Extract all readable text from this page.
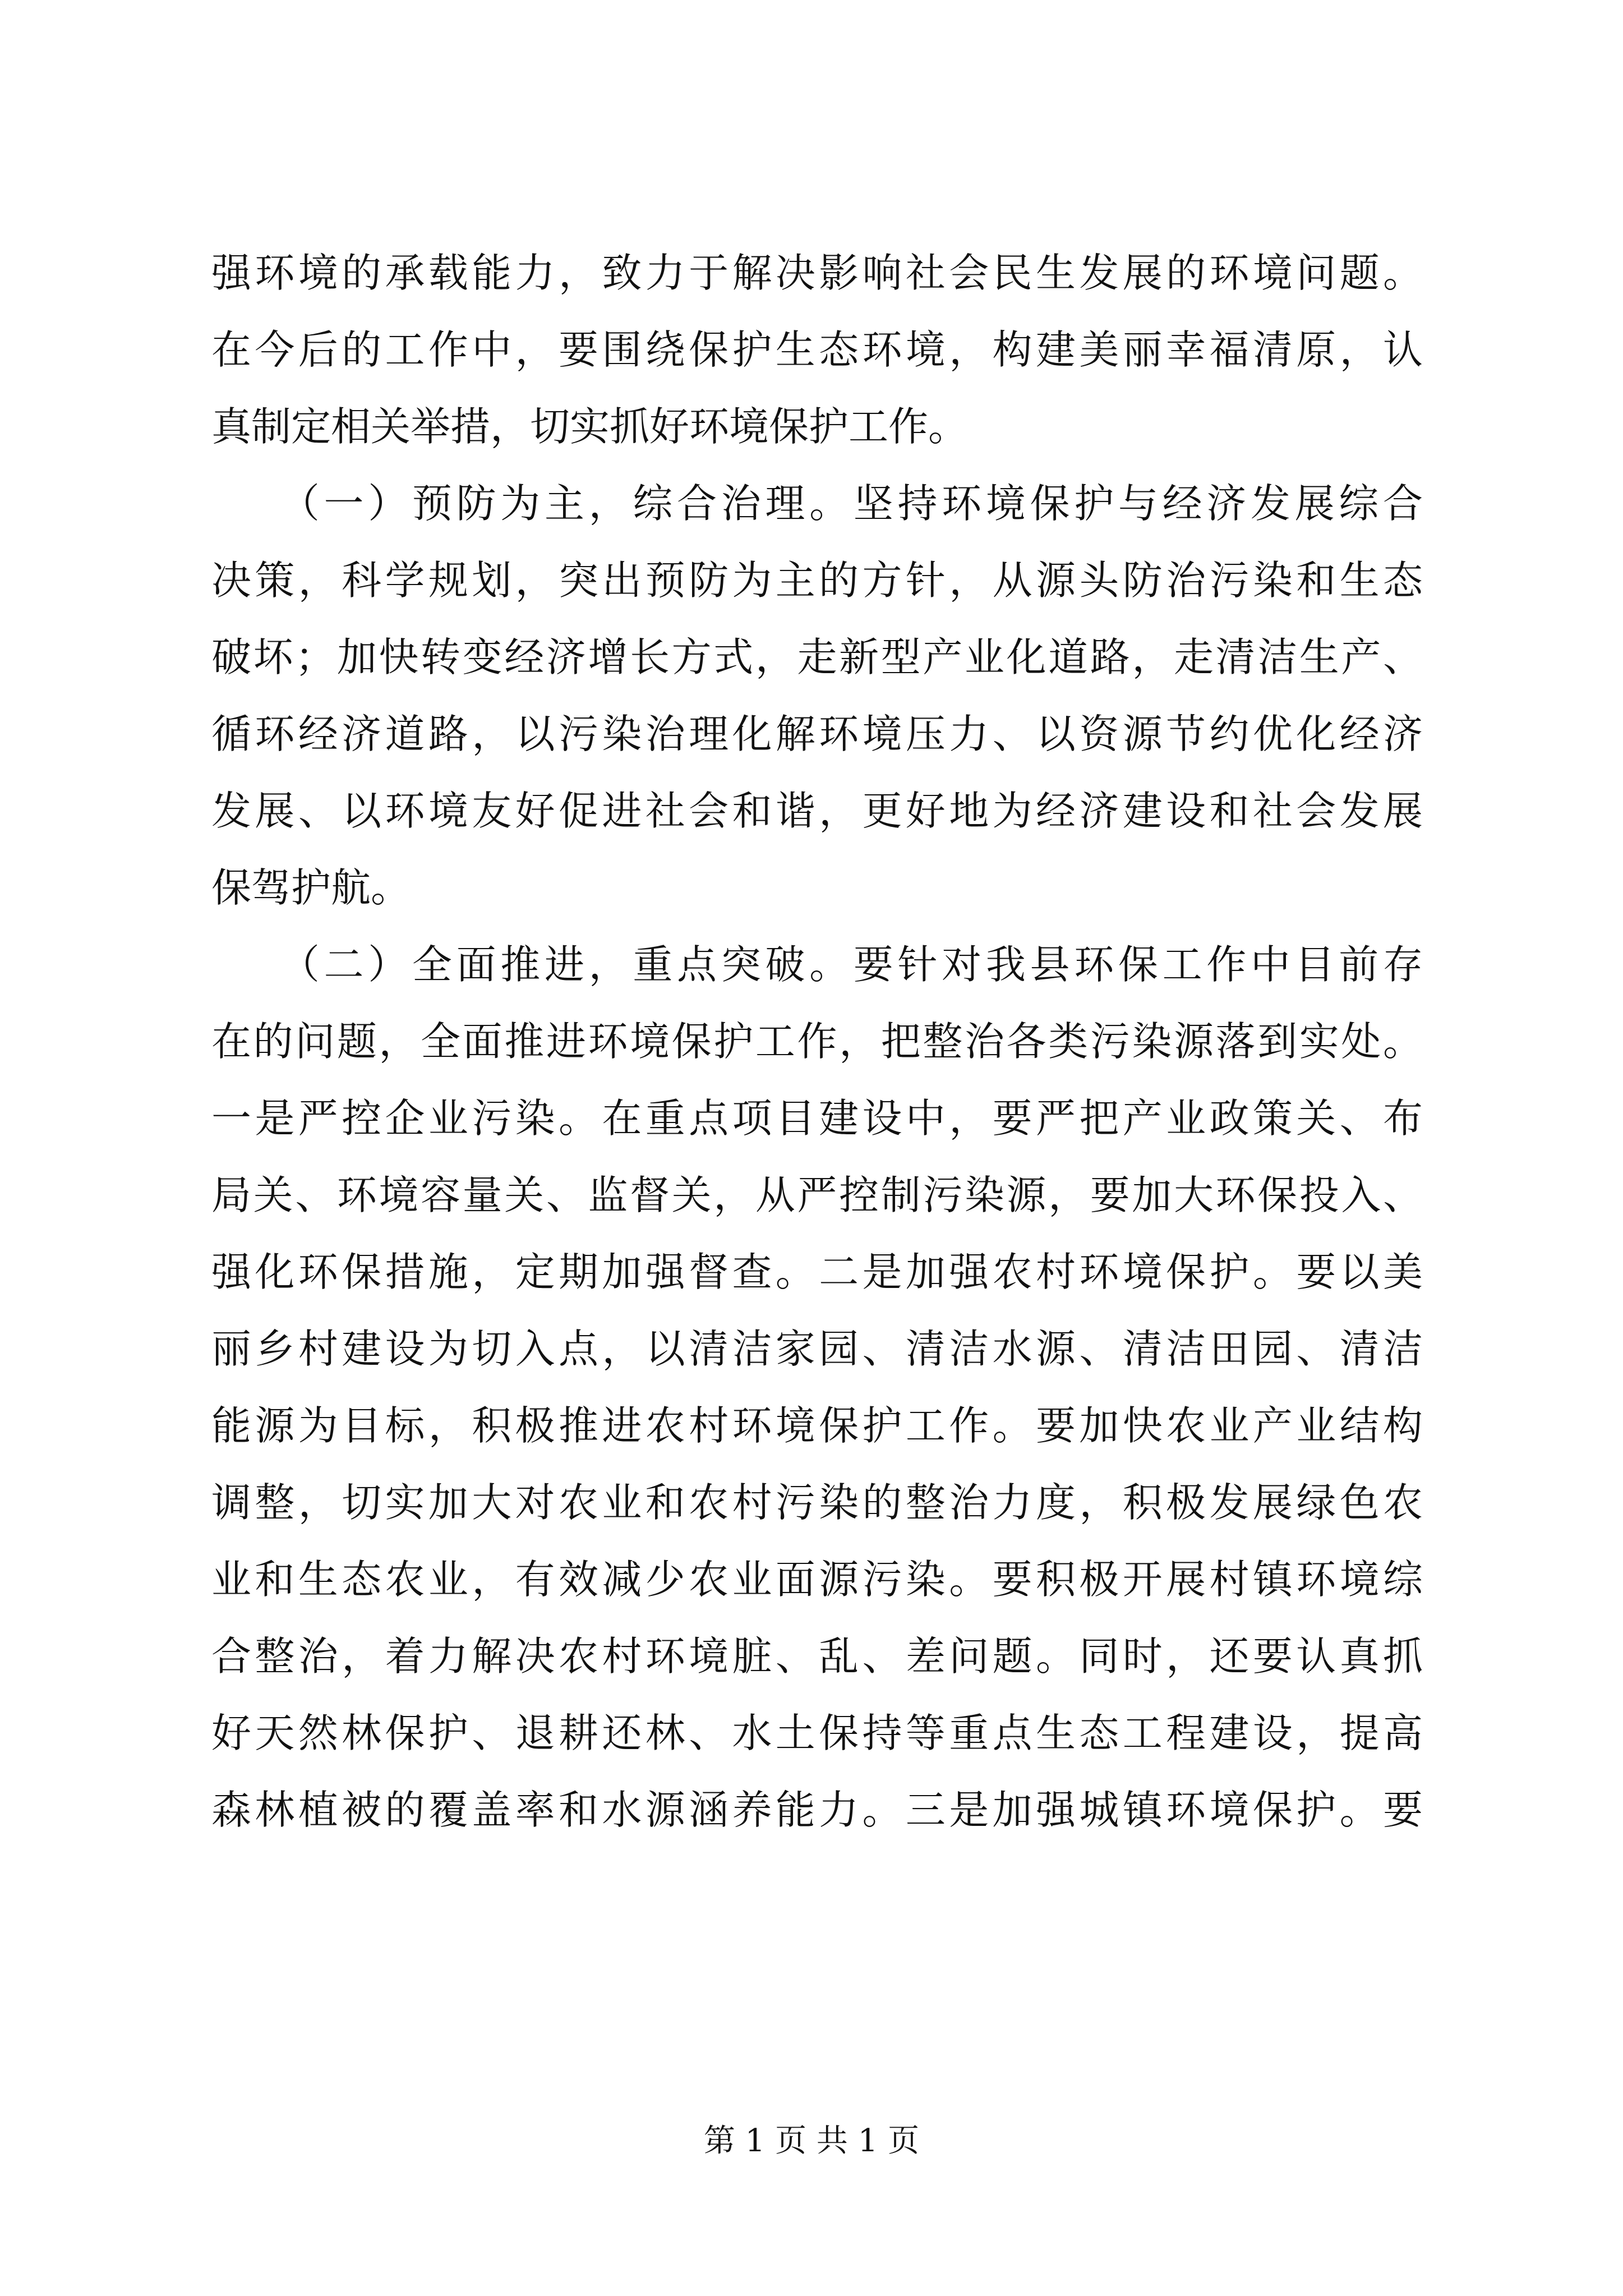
强环境的承载能力，致力于解决影响社会民生发展的环境问题。
在今后的工作中，要围绕保护生态环境，构建美丽幸福清原，认
真制定相关举措，切实抓好环境保护工作。
　　（一）预防为主，综合治理。坚持环境保护与经济发展综合
决策，科学规划，突出预防为主的方针，从源头防治污染和生态
破坏；加快转变经济增长方式，走新型产业化道路，走清洁生产、
循环经济道路，以污染治理化解环境压力、以资源节约优化经济
发展、以环境友好促进社会和谐，更好地为经济建设和社会发展
保驾护航。
　　（二）全面推进，重点突破。要针对我县环保工作中目前存
在的问题，全面推进环境保护工作，把整治各类污染源落到实处。
一是严控企业污染。在重点项目建设中，要严把产业政策关、布
局关、环境容量关、监督关，从严控制污染源，要加大环保投入、
强化环保措施，定期加强督查。二是加强农村环境保护。要以美
丽乡村建设为切入点，以清洁家园、清洁水源、清洁田园、清洁
能源为目标，积极推进农村环境保护工作。要加快农业产业结构
调整，切实加大对农业和农村污染的整治力度，积极发展绿色农
业和生态农业，有效减少农业面源污染。要积极开展村镇环境综
合整治，着力解决农村环境脏、乱、差问题。同时，还要认真抓
好天然林保护、退耕还林、水土保持等重点生态工程建设，提高
森林植被的覆盖率和水源涵养能力。三是加强城镇环境保护。要
第 1 页 共 1 页
